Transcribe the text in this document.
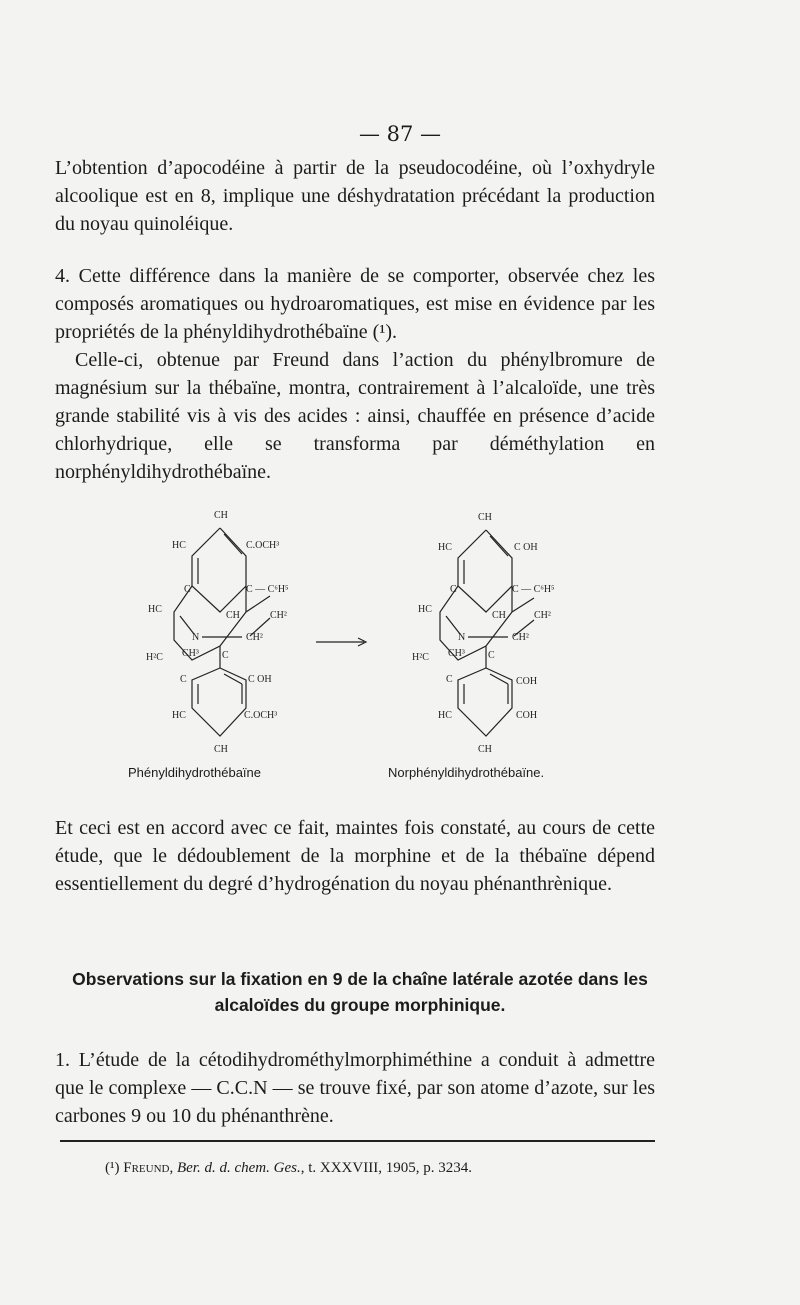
— 87 —
L’obtention d’apocodéine à partir de la pseudocodéine, où l’oxhydryle alcoolique est en 8, implique une déshydratation précédant la production du noyau quinoléique.
4. Cette différence dans la manière de se comporter, observée chez les composés aromatiques ou hydroaromatiques, est mise en évidence par les propriétés de la phényldihydrothébaïne (¹).
Celle-ci, obtenue par Freund dans l’action du phénylbromure de magnésium sur la thébaïne, montra, contrairement à l’alcaloïde, une très grande stabilité vis à vis des acides : ainsi, chauffée en présence d’acide chlorhydrique, elle se transforma par déméthylation en norphényldihydrothébaïne.
CH
HC	C.OCH³
C	C — C⁶H⁵
HC
CH	CH²
N	CH²
H²C CH³ C
C	C OH
HC	C.OCH³
CH
CH
HC	C OH
C	C — C⁶H⁵
HC
CH	CH²
N	CH²
H²C CH³ C
C	COH
HC	COH
CH
Phényldihydrothébaïne	Norphényldihydrothébaïne.
Et ceci est en accord avec ce fait, maintes fois constaté, au cours de cette étude, que le dédoublement de la morphine et de la thébaïne dépend essentiellement du degré d’hydrogénation du noyau phénanthrènique.
Observations sur la fixation en 9 de la chaîne latérale azotée dans les alcaloïdes du groupe morphinique.
1. L’étude de la cétodihydrométhylmorphiméthine a conduit à admettre que le complexe — C.C.N — se trouve fixé, par son atome d’azote, sur les carbones 9 ou 10 du phénanthrène.
(¹) Freund, Ber. d. d. chem. Ges., t. XXXVIII, 1905, p. 3234.
